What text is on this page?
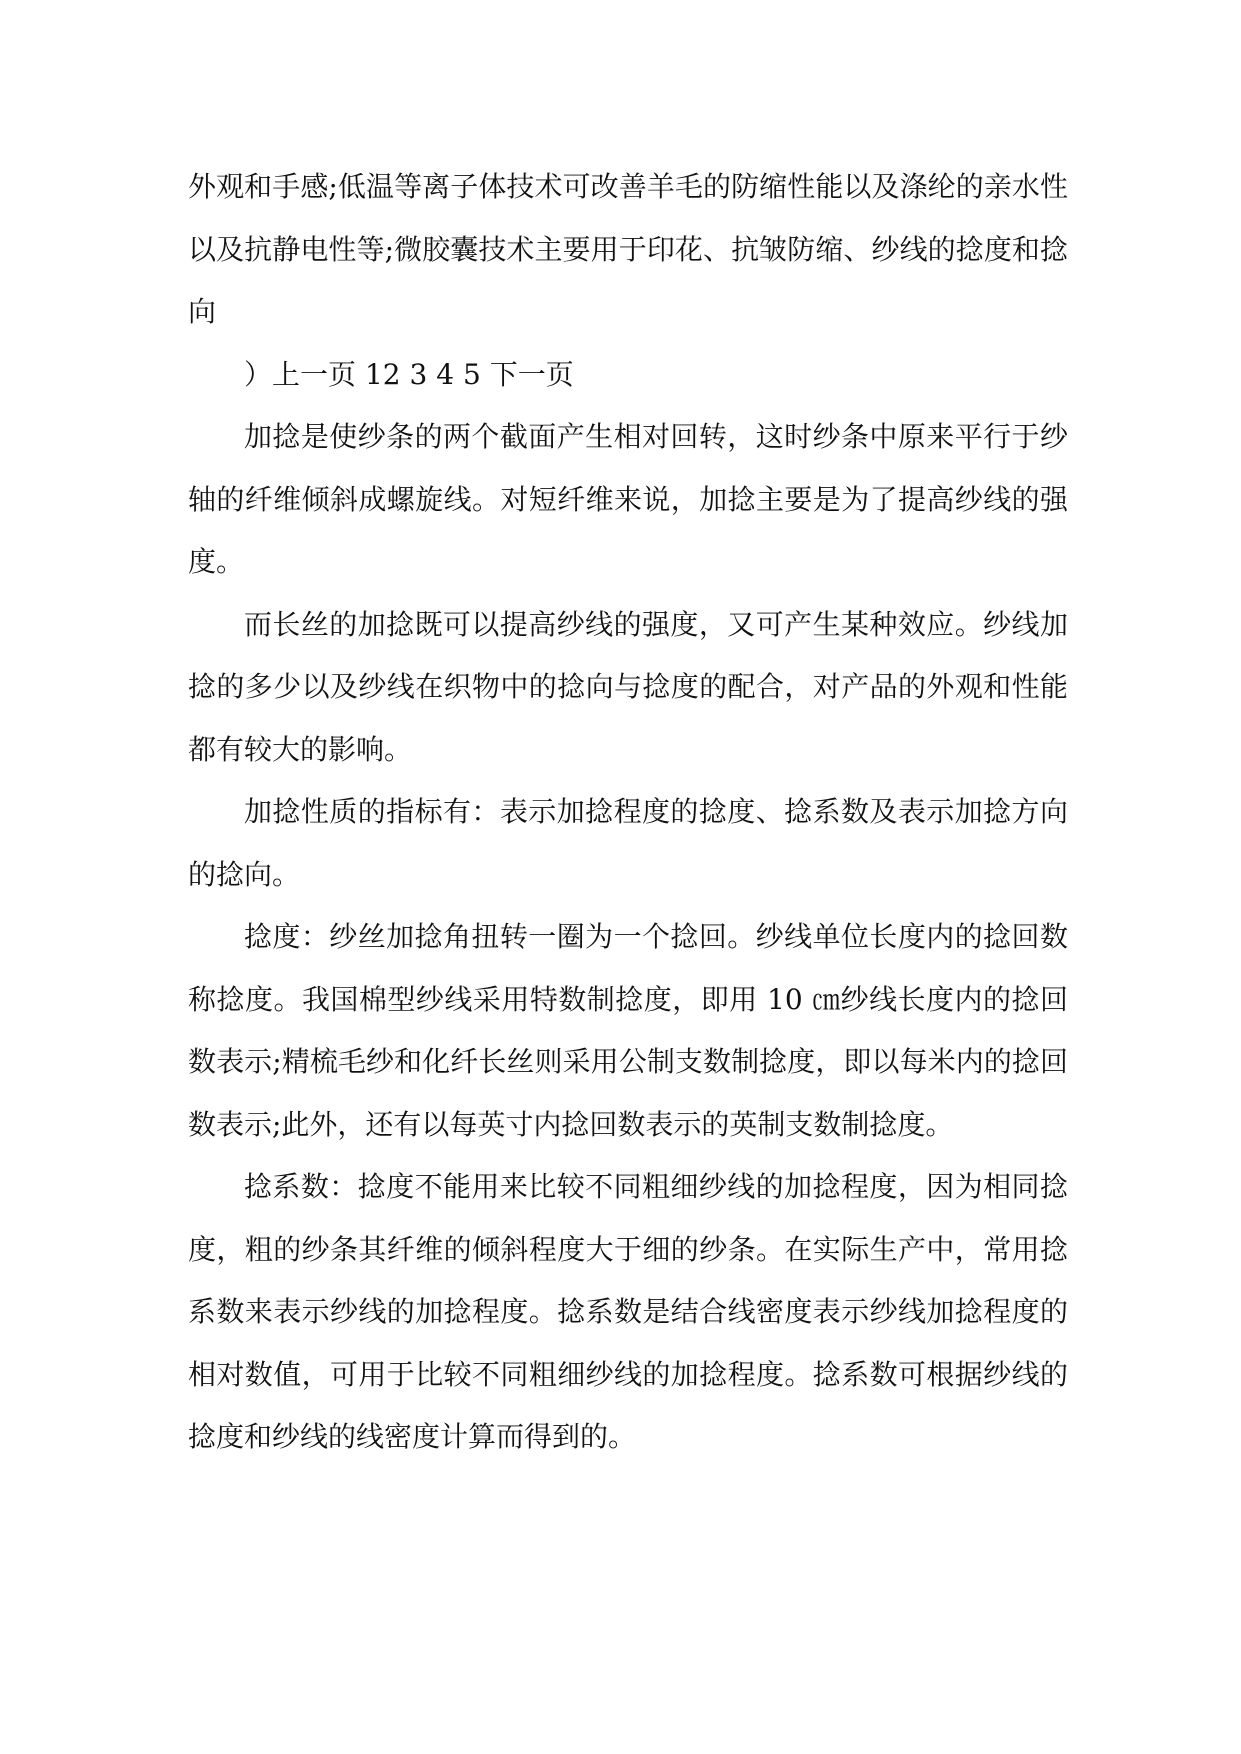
外观和手感;低温等离子体技术可改善羊毛的防缩性能以及涤纶的亲水性以及抗静电性等;微胶囊技术主要用于印花、抗皱防缩、纱线的捻度和捻向

）上一页 12 3 4 5 下一页

加捻是使纱条的两个截面产生相对回转，这时纱条中原来平行于纱轴的纤维倾斜成螺旋线。对短纤维来说，加捻主要是为了提高纱线的强度。

而长丝的加捻既可以提高纱线的强度，又可产生某种效应。纱线加捻的多少以及纱线在织物中的捻向与捻度的配合，对产品的外观和性能都有较大的影响。

加捻性质的指标有：表示加捻程度的捻度、捻系数及表示加捻方向的捻向。

捻度：纱丝加捻角扭转一圈为一个捻回。纱线单位长度内的捻回数称捻度。我国棉型纱线采用特数制捻度，即用 10 ㎝纱线长度内的捻回数表示;精梳毛纱和化纤长丝则采用公制支数制捻度，即以每米内的捻回数表示;此外，还有以每英寸内捻回数表示的英制支数制捻度。

捻系数：捻度不能用来比较不同粗细纱线的加捻程度，因为相同捻度，粗的纱条其纤维的倾斜程度大于细的纱条。在实际生产中，常用捻系数来表示纱线的加捻程度。捻系数是结合线密度表示纱线加捻程度的相对数值，可用于比较不同粗细纱线的加捻程度。捻系数可根据纱线的捻度和纱线的线密度计算而得到的。
